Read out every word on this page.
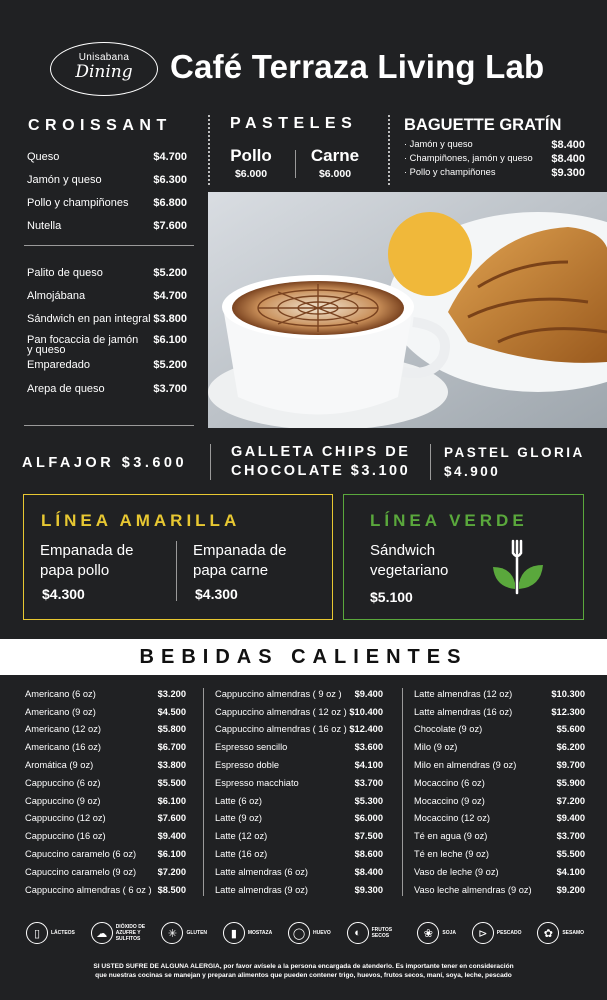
Unisabana
Dining	Café Terraza Living Lab
CROISSANT
Queso	$4.700
Jamón y queso	$6.300
Pollo y champiñones $6.800
Nutella	$7.600
Palito de queso	$5.200
Almojábana	$4.700
Sándwich en pan integral $3.800
Pan focaccia de jamón y queso
$6.100
Emparedado	$5.200
Arepa de queso	$3.700
PASTELES
Pollo
$6.000
Carne
$6.000
BAGUETTE GRATÍN
· Jamón y queso	$8.400
· Champiñones, jamón y queso $8.400
· Pollo y champiñones	$9.300
ALFAJOR $3.600
GALLETA CHIPS DE
CHOCOLATE $3.100
PASTEL GLORIA
$4.900
LÍNEA AMARILLA
Empanada de
papa pollo
$4.300
Empanada de
papa carne
$4.300
LÍNEA VERDE
Sándwich
vegetariano
$5.100
BEBIDAS CALIENTES
Americano (6 oz)	$3.200
Americano (9 oz)	$4.500
Americano (12 oz)	$5.800
Americano (16 oz)	$6.700
Aromática (9 oz)	$3.800
Cappuccino (6 oz)	$5.500
Cappuccino (9 oz)	$6.100
Cappuccino (12 oz)	$7.600
Cappuccino (16 oz)	$9.400
Capuccino caramelo (6 oz) $6.100
Capuccino caramelo (9 oz) $7.200
Cappuccino almendras ( 6 oz ) $8.500
Cappuccino almendras ( 9 oz ) $9.400
Cappuccino almendras ( 12 oz ) $10.400
Cappuccino almendras ( 16 oz ) $12.400
Espresso sencillo	$3.600
Espresso doble	$4.100
Espresso macchiato	$3.700
Latte (6 oz)	$5.300
Latte (9 oz)	$6.000
Latte (12 oz)	$7.500
Latte (16 oz)	$8.600
Latte almendras (6 oz)	$8.400
Latte almendras (9 oz)	$9.300
Latte almendras (12 oz)	$10.300
Latte almendras (16 oz)	$12.300
Chocolate (9 oz)	$5.600
Milo (9 oz)	$6.200
Milo en almendras (9 oz)	$9.700
Mocaccino (6 oz)	$5.900
Mocaccino (9 oz)	$7.200
Mocaccino (12 oz)	$9.400
Té en agua (9 oz)	$3.700
Té en leche (9 oz)	$5.500
Vaso de leche (9 oz)	$4.100
Vaso leche almendras (9 oz)	$9.200
▯	LÁCTEOS	☁
DIÓXIDO DE AZUFRE Y SULFITOS	✳	GLUTEN	▮	MOSTAZA	◯	HUEVO	◐	FRUTOS SECOS	❀	SOJA	⊳	PESCADO	✿	SESAMO
SI USTED SUFRE DE ALGUNA ALERGIA, por favor avísele a la persona encargada de atenderlo. Es importante tener en consideración
que nuestras cocinas se manejan y preparan alimentos que pueden contener trigo, huevos, frutos secos, maní, soya, leche, pescado
